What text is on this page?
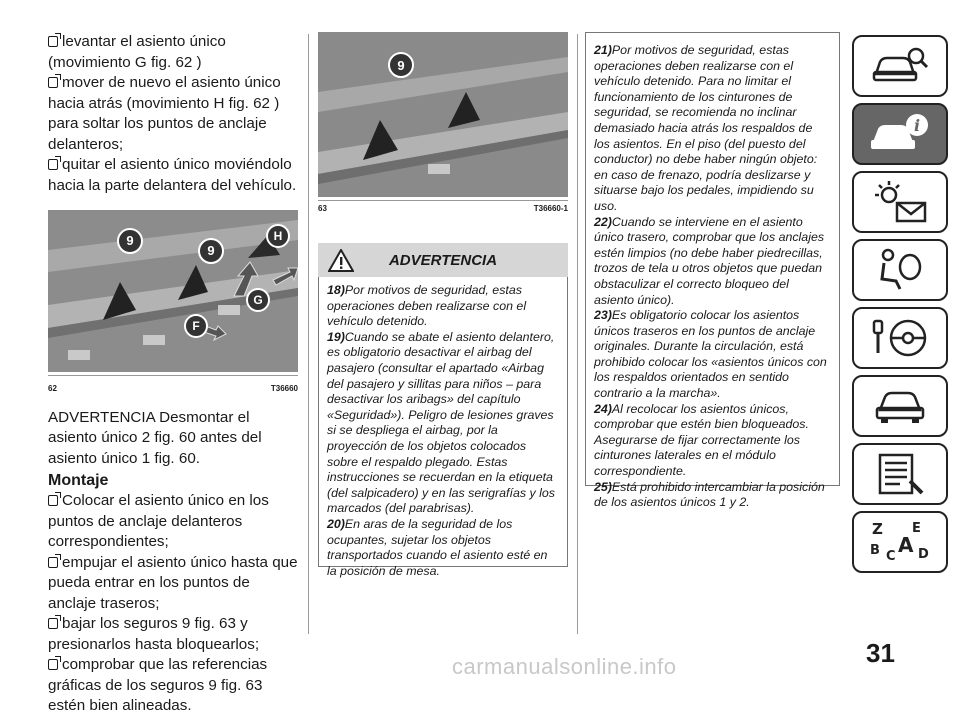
levantar el asiento único (movimiento G fig. 62 )

mover de nuevo el asiento único hacia atrás (movimiento H fig. 62 ) para soltar los puntos de anclaje delanteros;

quitar el asiento único moviéndolo hacia la parte delantera del vehículo.

9
9
H
G
F
62	T36660

ADVERTENCIA Desmontar el asiento único 2 fig. 60 antes del asiento único 1 fig. 60.

Montaje

Colocar el asiento único en los puntos de anclaje delanteros correspondientes;

empujar el asiento único hasta que pueda entrar en los puntos de anclaje traseros;

bajar los seguros 9 fig. 63 y presionarlos hasta bloquearlos;

comprobar que las referencias gráficas de los seguros 9 fig. 63 estén bien alineadas.

9
63	T36660-1
ADVERTENCIA

18)Por motivos de seguridad, estas operaciones deben realizarse con el vehículo detenido.

19)Cuando se abate el asiento delantero, es obligatorio desactivar el airbag del pasajero (consultar el apartado «Airbag del pasajero y sillitas para niños – para desactivar los aribags» del capítulo «Seguridad»). Peligro de lesiones graves si se despliega el airbag, por la proyección de los objetos colocados sobre el respaldo plegado. Estas instrucciones se recuerdan en la etiqueta (del salpicadero) y en las serigrafías y los marcados (del parabrisas).

20)En aras de la seguridad de los ocupantes, sujetar los objetos transportados cuando el asiento esté en la posición de mesa.

21)Por motivos de seguridad, estas operaciones deben realizarse con el vehículo detenido. Para no limitar el funcionamiento de los cinturones de seguridad, se recomienda no inclinar demasiado hacia atrás los respaldos de los asientos. En el piso (del puesto del conductor) no debe haber ningún objeto: en caso de frenazo, podría deslizarse y situarse bajo los pedales, impidiendo su uso.

22)Cuando se interviene en el asiento único trasero, comprobar que los anclajes estén limpios (no debe haber piedrecillas, trozos de tela u otros objetos que puedan obstaculizar el correcto bloqueo del asiento único).

23)Es obligatorio colocar los asientos únicos traseros en los puntos de anclaje originales. Durante la circulación, está prohibido colocar los «asientos únicos con los respaldos orientados en sentido contrario a la marcha».

24)Al recolocar los asientos únicos, comprobar que estén bien bloqueados. Asegurarse de fijar correctamente los cinturones laterales en el módulo correspondiente.

25)Está prohibido intercambiar la posición de los asientos únicos 1 y 2.

i
Z E
B C A D
31
carmanualsonline.info
